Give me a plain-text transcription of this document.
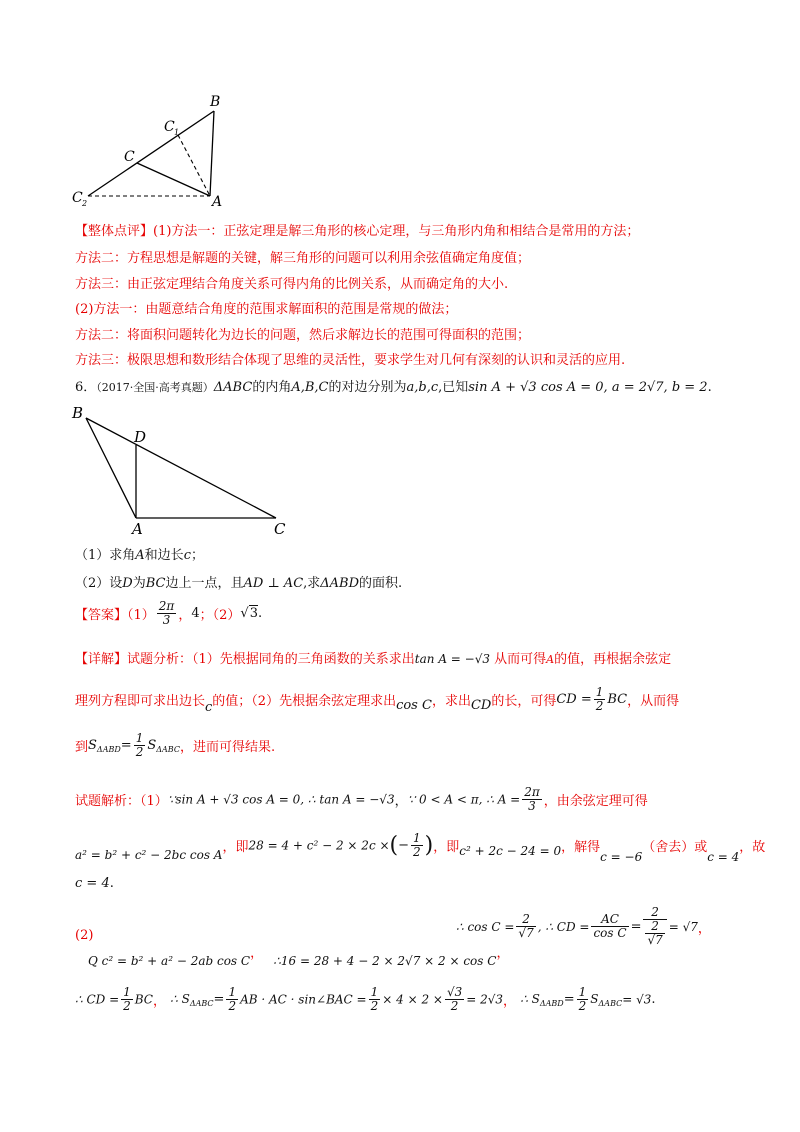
B
C 1
C
C 2	A
【整体点评】(1)方法一：正弦定理是解三角形的核心定理，与三角形内角和相结合是常用的方法；
方法二：方程思想是解题的关键，解三角形的问题可以利用余弦值确定角度值；
方法三：由正弦定理结合角度关系可得内角的比例关系，从而确定角的大小.
(2)方法一：由题意结合角度的范围求解面积的范围是常规的做法；
方法二：将面积问题转化为边长的问题，然后求解边长的范围可得面积的范围；
方法三：极限思想和数形结合体现了思维的灵活性，要求学生对几何有深刻的认识和灵活的应用.
6．（2017·全国·高考真题）ΔABC的内角A,B,C的对边分别为a,b,c,已知sin A + √3 cos A = 0, a = 2√7, b = 2.
B
D
A	C
（1）求角A和边长c；
（2）设D为BC边上一点，且AD ⊥ AC,求ΔABD的面积.
【答案】$(1) \frac{2\pi}{3}$ ，4；（2）√3.
【详解】试题分析：（1）先根据同角的三角函数的关系求出tan A = −√3 从而可得A的值，再根据余弦定
理列方程即可求出边长c的值；（2）先根据余弦定理求出cos C，求出CD的长，可得CD = $\frac{1}{2}$ BC，从而得
到$S_{\Delta ABD}= \frac{1}{2} S_{\Delta ABC}$，进而可得结果.
试题解析：（1）∵sin A + √3 cos A = 0, ∴ tan A = −√3，∵ 0 < A < π, ∴ $A = \frac{2\pi}{3}$ ，由余弦定理可得
a² = b² + c² − 2bc cos A，即28 = 4 + c² − 2 × 2c ×(− $\frac{1}{2}$ )，即c² + 2c − 24 = 0，解得c = −6（舍去）或c = 4，故
c = 4.
(2)
Q c² = b² + a² − 2ab cos C， ∴16 = 28 + 4 − 2 × 2√7 × 2 × cos C，
∴ $\cos C = \frac{2}{√7}$ , ∴ CD = $\frac{AC}{\text{cos C}} = \frac{2}{\frac{2}{√7}} = √7$，
∴ CD = $\frac{1}{2}$ BC， ∴ $S_{\Delta ABC}= \frac{1}{2}$ AB · AC · sin∠BAC = $\frac{1}{2} \times 4 \times 2 \times \frac{√3}{2} = 2√3$， ∴ $S_{\Delta ABD}= \frac{1}{2} S_{\Delta ABC}= √3$.
